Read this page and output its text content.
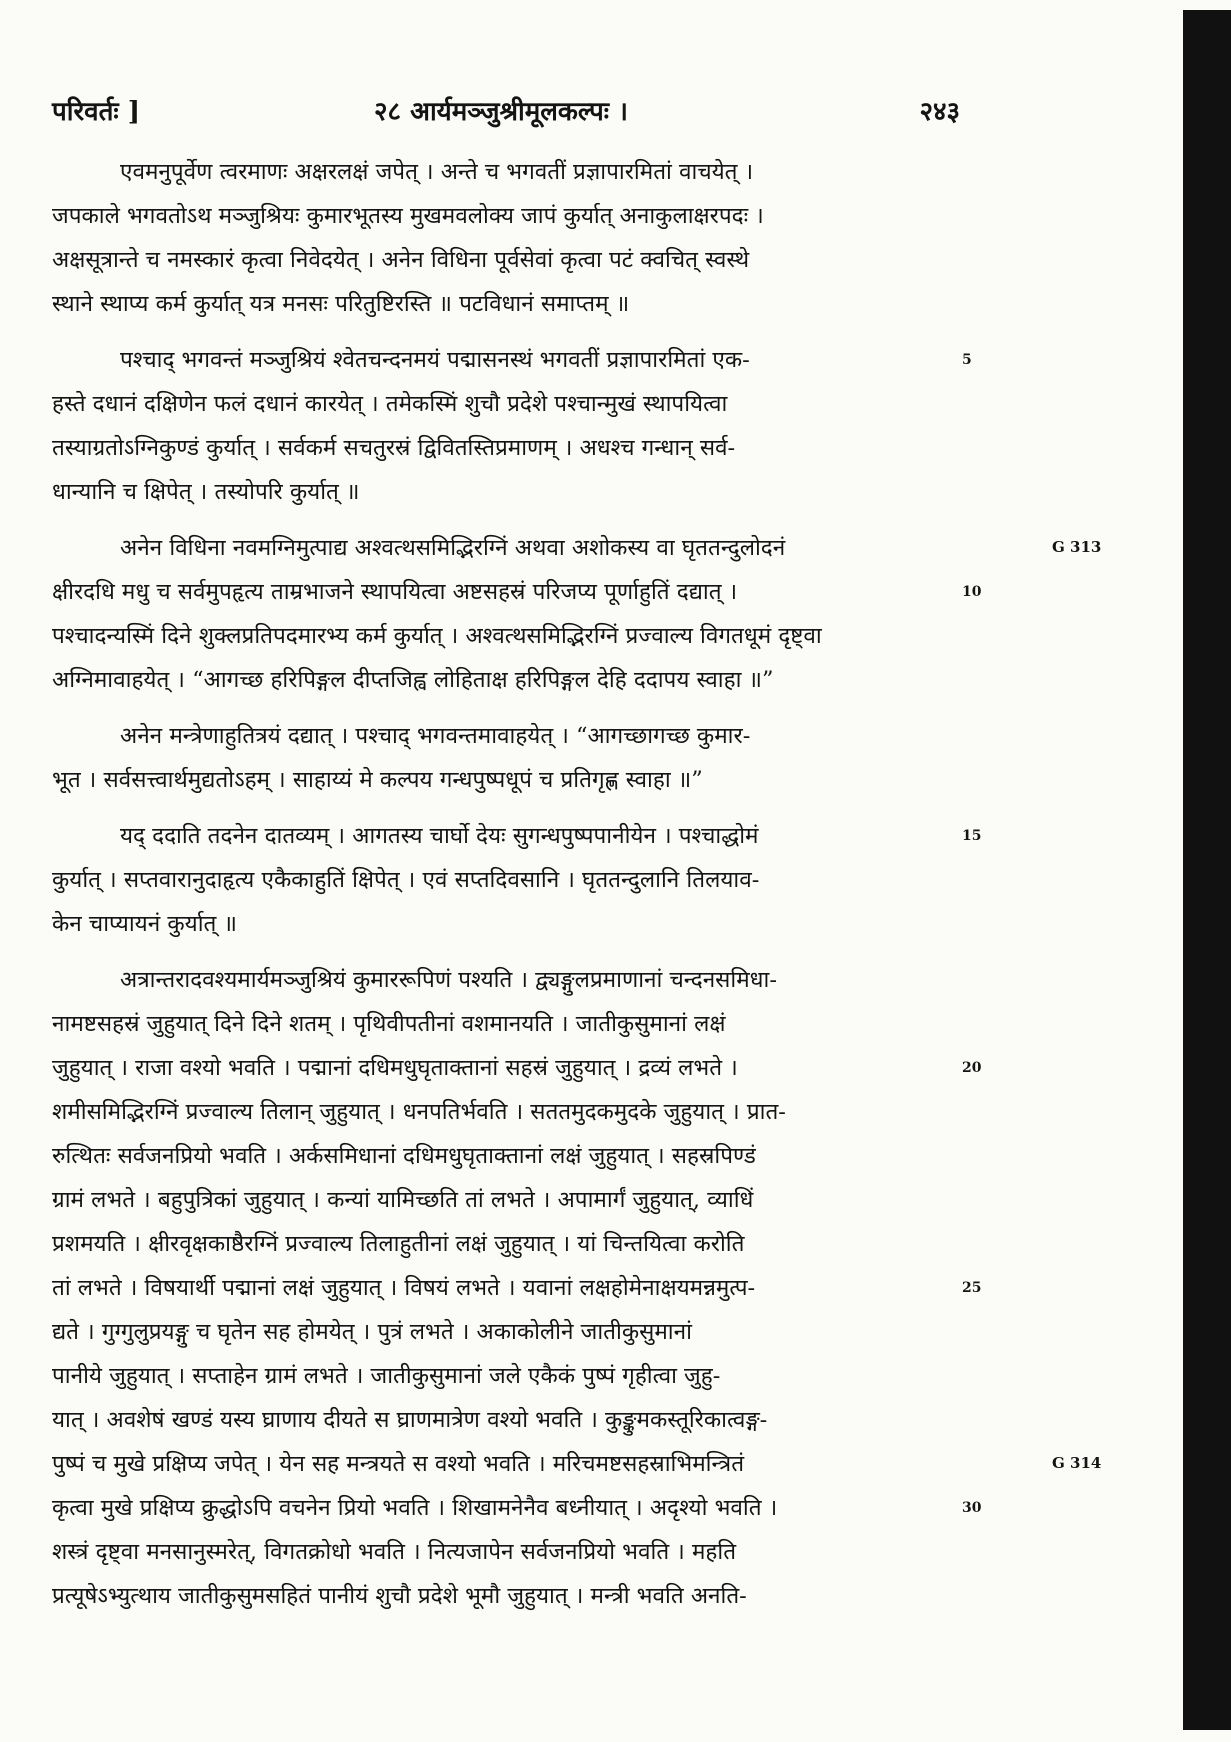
परिवर्तः ]	२८ आर्यमञ्जुश्रीमूलकल्पः ।	२४३
एवमनुपूर्वेण त्वरमाणः अक्षरलक्षं जपेत् । अन्ते च भगवतीं प्रज्ञापारमितां वाचयेत् ।
जपकाले भगवतोऽथ मञ्जुश्रियः कुमारभूतस्य मुखमवलोक्य जापं कुर्यात् अनाकुलाक्षरपदः ।
अक्षसूत्रान्ते च नमस्कारं कृत्वा निवेदयेत् । अनेन विधिना पूर्वसेवां कृत्वा पटं क्वचित् स्वस्थे
स्थाने स्थाप्य कर्म कुर्यात् यत्र मनसः परितुष्टिरस्ति ॥ पटविधानं समाप्तम् ॥
पश्चाद् भगवन्तं मञ्जुश्रियं श्वेतचन्दनमयं पद्मासनस्थं भगवतीं प्रज्ञापारमितां एक-	5
हस्ते दधानं दक्षिणेन फलं दधानं कारयेत् । तमेकस्मिं शुचौ प्रदेशे पश्चान्मुखं स्थापयित्वा
तस्याग्रतोऽग्निकुण्डं कुर्यात् । सर्वकर्म सचतुरस्रं द्विवितस्तिप्रमाणम् । अधश्च गन्धान् सर्व-
धान्यानि च क्षिपेत् । तस्योपरि कुर्यात् ॥
अनेन विधिना नवमग्निमुत्पाद्य अश्वत्थसमिद्भिरग्निं अथवा अशोकस्य वा घृततन्दुलोदनं
क्षीरदधि मधु च सर्वमुपहृत्य ताम्रभाजने स्थापयित्वा अष्टसहस्रं परिजप्य पूर्णाहुतिं दद्यात् ।	10
पश्चादन्यस्मिं दिने शुक्लप्रतिपदमारभ्य कर्म कुर्यात् । अश्वत्थसमिद्भिरग्निं प्रज्वाल्य विगतधूमं दृष्ट्वा
अग्निमावाहयेत् । “आगच्छ हरिपिङ्गल दीप्तजिह्व लोहिताक्ष हरिपिङ्गल देहि ददापय स्वाहा ॥”
अनेन मन्त्रेणाहुतित्रयं दद्यात् । पश्चाद् भगवन्तमावाहयेत् । “आगच्छागच्छ कुमार-
भूत । सर्वसत्त्वार्थमुद्यतोऽहम् । साहाय्यं मे कल्पय गन्धपुष्पधूपं च प्रतिगृह्ण स्वाहा ॥”
यद् ददाति तदनेन दातव्यम् । आगतस्य चार्घो देयः सुगन्धपुष्पपानीयेन । पश्चाद्धोमं	15
कुर्यात् । सप्तवारानुदाहृत्य एकैकाहुतिं क्षिपेत् । एवं सप्तदिवसानि । घृततन्दुलानि तिलयाव-
केन चाप्यायनं कुर्यात् ॥
अत्रान्तरादवश्यमार्यमञ्जुश्रियं कुमाररूपिणं पश्यति । द्व्यङ्गुलप्रमाणानां चन्दनसमिधा-
नामष्टसहस्रं जुहुयात् दिने दिने शतम् । पृथिवीपतीनां वशमानयति । जातीकुसुमानां लक्षं
जुहुयात् । राजा वश्यो भवति । पद्मानां दधिमधुघृताक्तानां सहस्रं जुहुयात् । द्रव्यं लभते ।	20
शमीसमिद्भिरग्निं प्रज्वाल्य तिलान् जुहुयात् । धनपतिर्भवति । सततमुदकमुदके जुहुयात् । प्रात-
रुत्थितः सर्वजनप्रियो भवति । अर्कसमिधानां दधिमधुघृताक्तानां लक्षं जुहुयात् । सहस्रपिण्डं
ग्रामं लभते । बहुपुत्रिकां जुहुयात् । कन्यां यामिच्छति तां लभते । अपामार्गं जुहुयात्, व्याधिं
प्रशमयति । क्षीरवृक्षकाष्ठैरग्निं प्रज्वाल्य तिलाहुतीनां लक्षं जुहुयात् । यां चिन्तयित्वा करोति
तां लभते । विषयार्थी पद्मानां लक्षं जुहुयात् । विषयं लभते । यवानां लक्षहोमेनाक्षयमन्नमुत्प-	25
द्यते । गुग्गुलुप्रयङ्गु च घृतेन सह होमयेत् । पुत्रं लभते । अकाकोलीने जातीकुसुमानां
पानीये जुहुयात् । सप्ताहेन ग्रामं लभते । जातीकुसुमानां जले एकैकं पुष्पं गृहीत्वा जुहु-
यात् । अवशेषं खण्डं यस्य घ्राणाय दीयते स घ्राणमात्रेण वश्यो भवति । कुङ्कुमकस्तूरिकात्वङ्ग-
पुष्पं च मुखे प्रक्षिप्य जपेत् । येन सह मन्त्रयते स वश्यो भवति । मरिचमष्टसहस्राभिमन्त्रितं
कृत्वा मुखे प्रक्षिप्य क्रुद्धोऽपि वचनेन प्रियो भवति । शिखामनेनैव बध्नीयात् । अदृश्यो भवति ।	30
शस्त्रं दृष्ट्वा मनसानुस्मरेत्, विगतक्रोधो भवति । नित्यजापेन सर्वजनप्रियो भवति । महति
प्रत्यूषेऽभ्युत्थाय जातीकुसुमसहितं पानीयं शुचौ प्रदेशे भूमौ जुहुयात् । मन्त्री भवति अनति-
G 313
G 314
